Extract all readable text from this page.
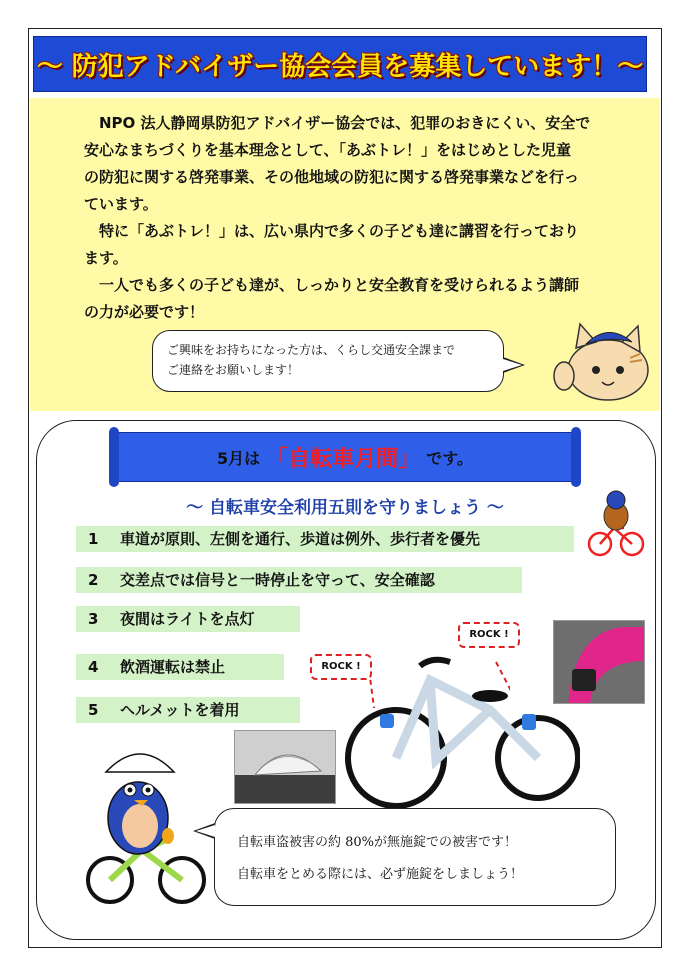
～ 防犯アドバイザー協会会員を募集しています！～

　NPO 法人静岡県防犯アドバイザー協会では、犯罪のおきにくい、安全で

安心なまちづくりを基本理念として、「あぶトレ！」をはじめとした児童

の防犯に関する啓発事業、その他地域の防犯に関する啓発事業などを行っ

ています。

　特に「あぶトレ！」は、広い県内で多くの子ども達に講習を行っており

ます。

　一人でも多くの子ども達が、しっかりと安全教育を受けられるよう講師

の力が必要です！

ご興味をお持ちになった方は、くらし交通安全課まで
ご連絡をお願いします！
5月は 「自転車月間」 です。
～ 自転車安全利用五則を守りましょう ～
1 車道が原則、左側を通行、歩道は例外、歩行者を優先
2 交差点では信号と一時停止を守って、安全確認
3 夜間はライトを点灯
4 飲酒運転は禁止
5 ヘルメットを着用
ROCK !
ROCK !
自転車盗被害の約 80%が無施錠での被害です！
自転車をとめる際には、必ず施錠をしましょう！
